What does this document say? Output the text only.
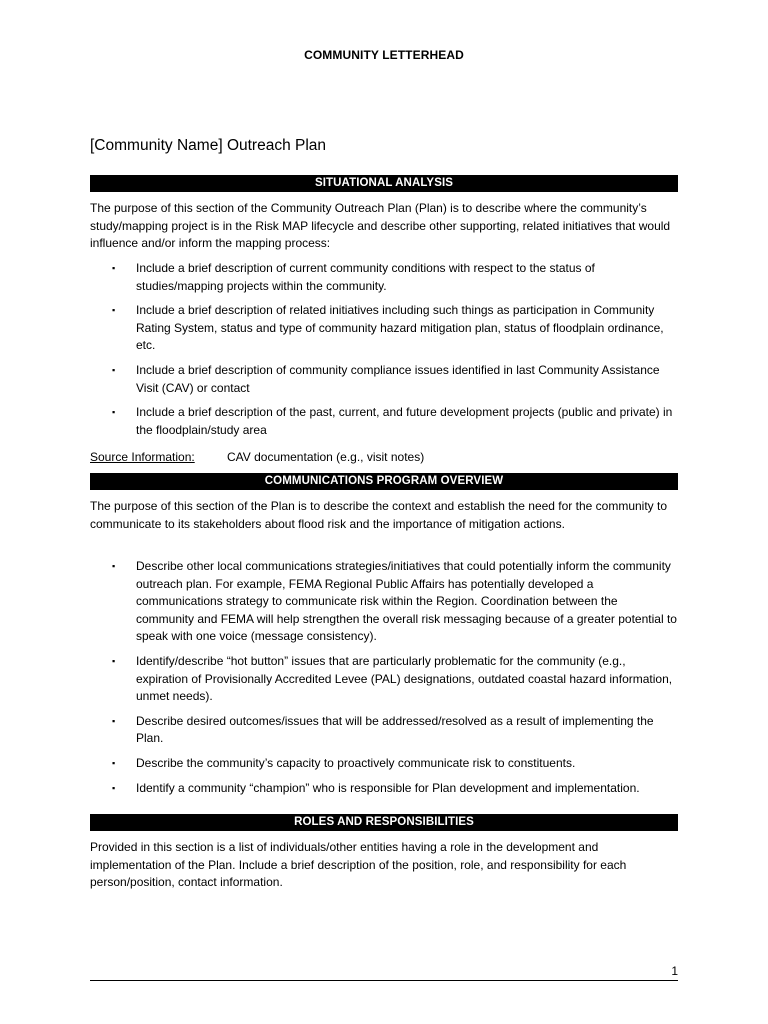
COMMUNITY LETTERHEAD
[Community Name] Outreach Plan
SITUATIONAL ANALYSIS

The purpose of this section of the Community Outreach Plan (Plan) is to describe where the community’s study/mapping project is in the Risk MAP lifecycle and describe other supporting, related initiatives that would influence and/or inform the mapping process:

▪ Include a brief description of current community conditions with respect to the status of studies/mapping projects within the community.
▪ Include a brief description of related initiatives including such things as participation in Community Rating System, status and type of community hazard mitigation plan, status of floodplain ordinance, etc.
▪ Include a brief description of community compliance issues identified in last Community Assistance Visit (CAV) or contact
▪ Include a brief description of the past, current, and future development projects (public and private) in the floodplain/study area
Source Information:	CAV documentation (e.g., visit notes)
COMMUNICATIONS PROGRAM OVERVIEW

The purpose of this section of the Plan is to describe the context and establish the need for the community to communicate to its stakeholders about flood risk and the importance of mitigation actions.

▪ Describe other local communications strategies/initiatives that could potentially inform the community outreach plan. For example, FEMA Regional Public Affairs has potentially developed a communications strategy to communicate risk within the Region. Coordination between the community and FEMA will help strengthen the overall risk messaging because of a greater potential to speak with one voice (message consistency).
▪ Identify/describe “hot button” issues that are particularly problematic for the community (e.g., expiration of Provisionally Accredited Levee (PAL) designations, outdated coastal hazard information, unmet needs).
▪ Describe desired outcomes/issues that will be addressed/resolved as a result of implementing the Plan.
▪ Describe the community’s capacity to proactively communicate risk to constituents.
▪ Identify a community “champion” who is responsible for Plan development and implementation.
ROLES AND RESPONSIBILITIES

Provided in this section is a list of individuals/other entities having a role in the development and implementation of the Plan. Include a brief description of the position, role, and responsibility for each person/position, contact information.

1
